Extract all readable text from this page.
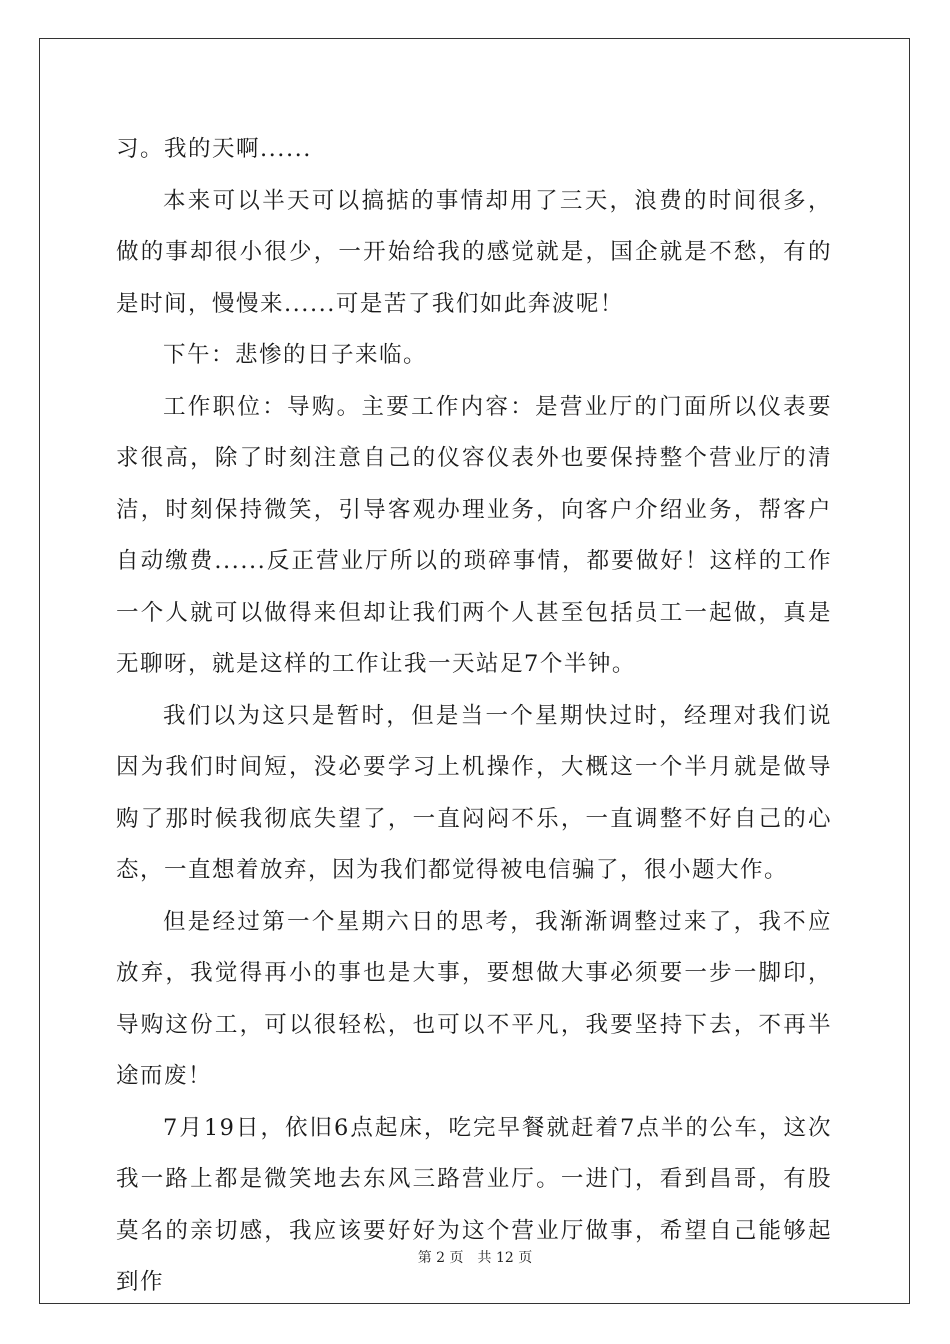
习。我的天啊......

本来可以半天可以搞掂的事情却用了三天，浪费的时间很多，做的事却很小很少，一开始给我的感觉就是，国企就是不愁，有的是时间，慢慢来......可是苦了我们如此奔波呢！

下午：悲惨的日子来临。

工作职位：导购。主要工作内容：是营业厅的门面所以仪表要求很高，除了时刻注意自己的仪容仪表外也要保持整个营业厅的清洁，时刻保持微笑，引导客观办理业务，向客户介绍业务，帮客户自动缴费......反正营业厅所以的琐碎事情，都要做好！这样的工作一个人就可以做得来但却让我们两个人甚至包括员工一起做，真是无聊呀，就是这样的工作让我一天站足7个半钟。

我们以为这只是暂时，但是当一个星期快过时，经理对我们说因为我们时间短，没必要学习上机操作，大概这一个半月就是做导购了那时候我彻底失望了，一直闷闷不乐，一直调整不好自己的心态，一直想着放弃，因为我们都觉得被电信骗了，很小题大作。

但是经过第一个星期六日的思考，我渐渐调整过来了，我不应放弃，我觉得再小的事也是大事，要想做大事必须要一步一脚印，导购这份工，可以很轻松，也可以不平凡，我要坚持下去，不再半途而废！

7月19日，依旧6点起床，吃完早餐就赶着7点半的公车，这次我一路上都是微笑地去东风三路营业厅。一进门，看到昌哥，有股莫名的亲切感，我应该要好好为这个营业厅做事，希望自己能够起到作

第 2 页　共 12 页
